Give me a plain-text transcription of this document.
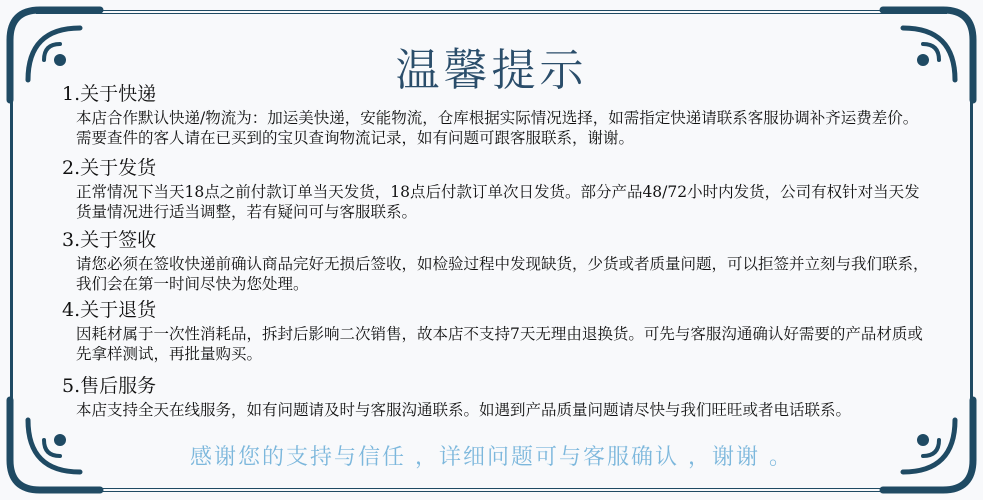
温馨提示

1.关于快递

本店合作默认快递/物流为：加运美快递，安能物流，仓库根据实际情况选择，如需指定快递请联系客服协调补齐运费差价。需要查件的客人请在已买到的宝贝查询物流记录，如有问题可跟客服联系，谢谢。

2.关于发货

正常情况下当天18点之前付款订单当天发货，18点后付款订单次日发货。部分产品48/72小时内发货，公司有权针对当天发货量情况进行适当调整，若有疑问可与客服联系。

3.关于签收

请您必须在签收快递前确认商品完好无损后签收，如检验过程中发现缺货，少货或者质量问题，可以拒签并立刻与我们联系，我们会在第一时间尽快为您处理。

4.关于退货

因耗材属于一次性消耗品，拆封后影响二次销售，故本店不支持7天无理由退换货。可先与客服沟通确认好需要的产品材质或先拿样测试，再批量购买。

5.售后服务

本店支持全天在线服务，如有问题请及时与客服沟通联系。如遇到产品质量问题请尽快与我们旺旺或者电话联系。

感谢您的支持与信任 ，详细问题可与客服确认 ，谢谢 。
